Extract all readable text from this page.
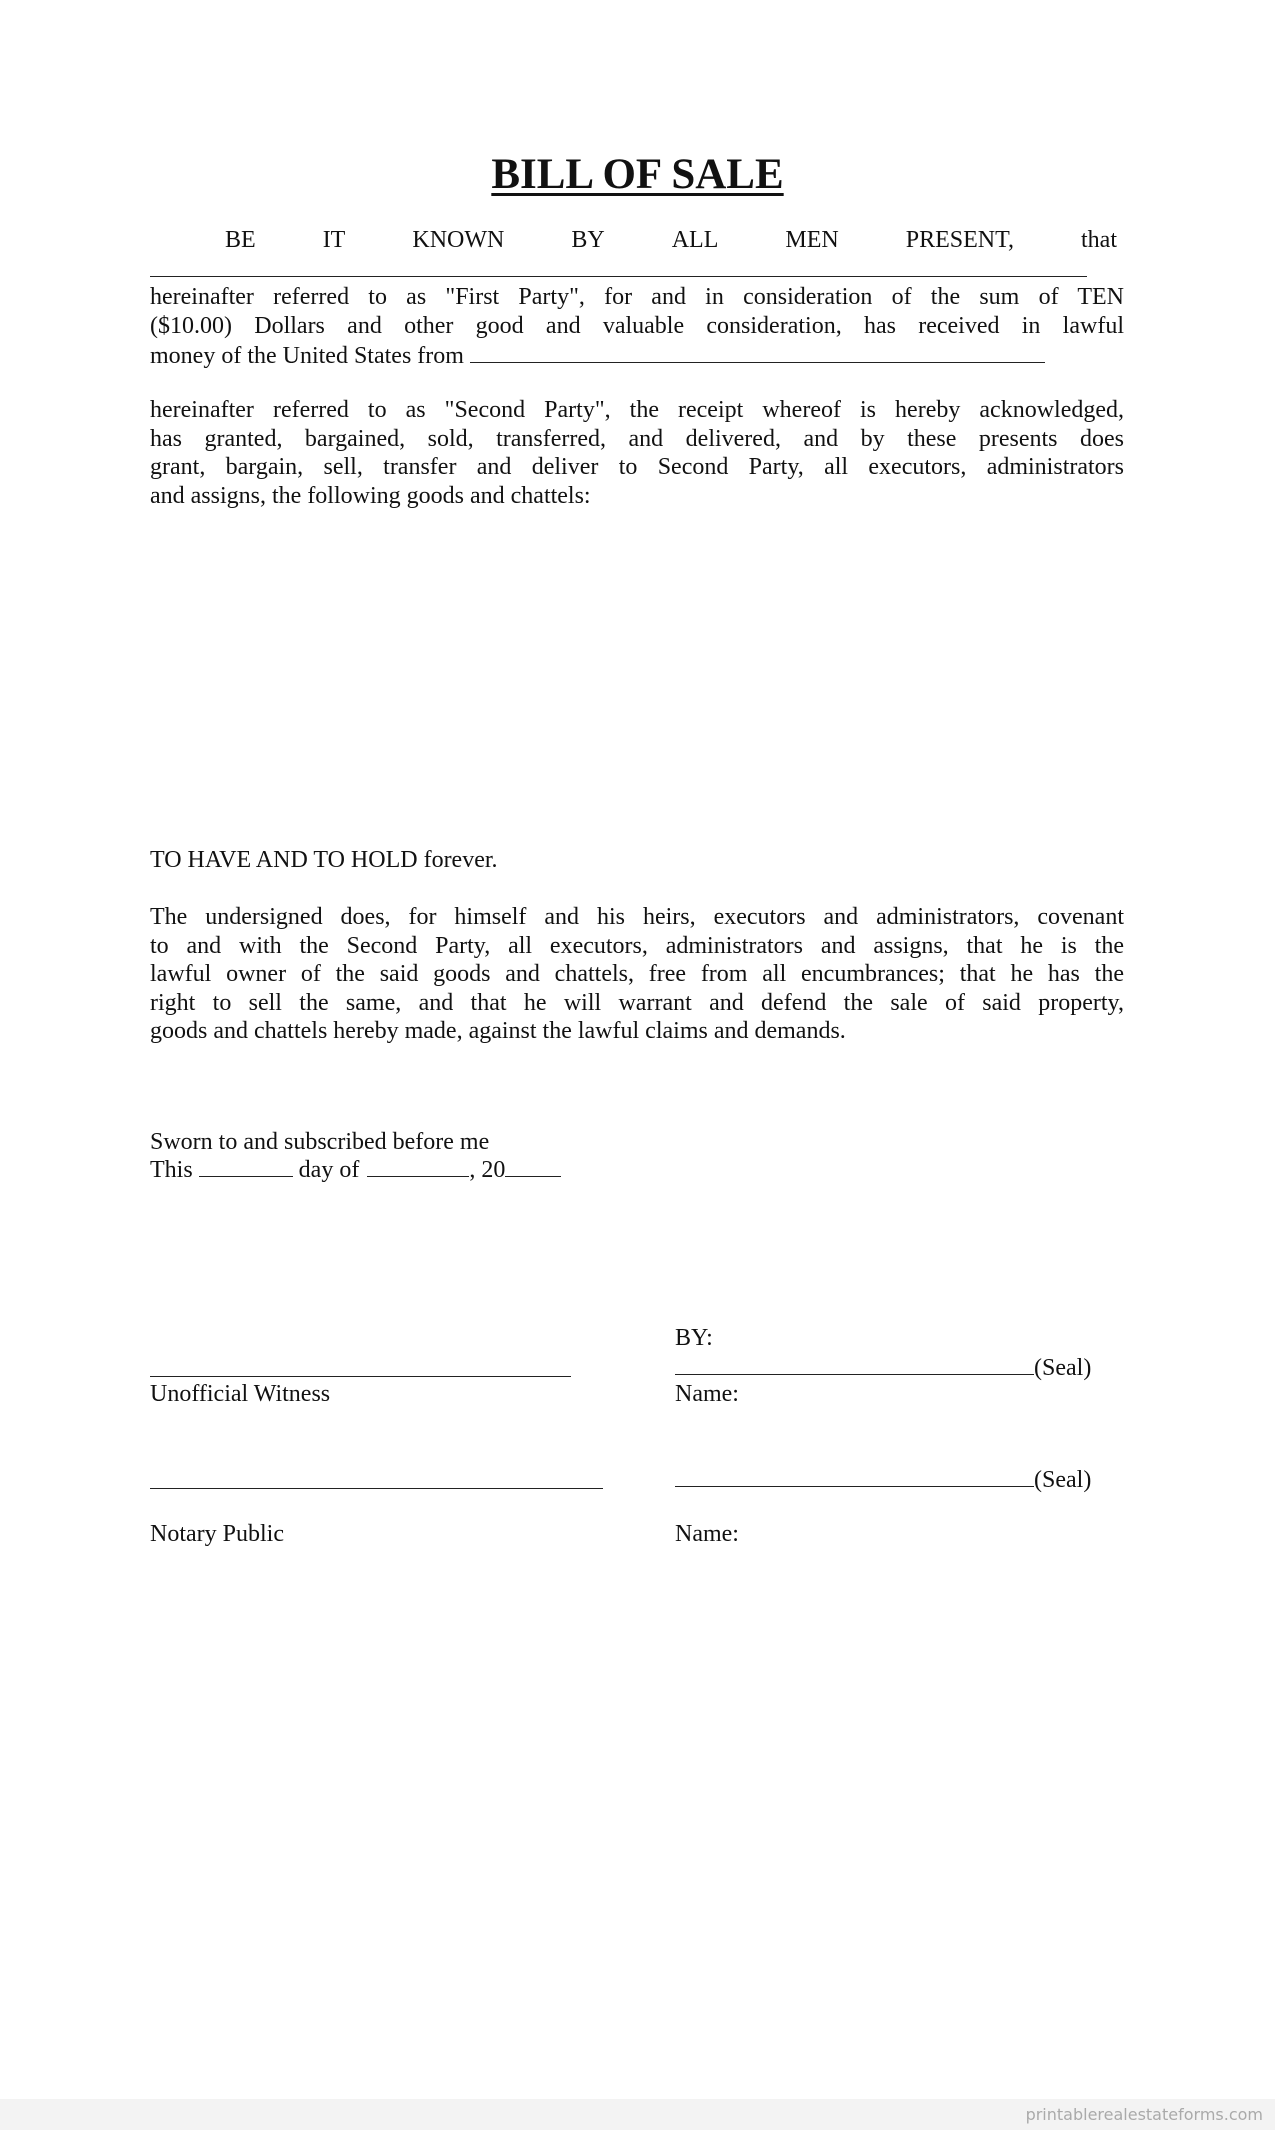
BILL OF SALE
BE	IT	KNOWN	BY	ALL	MEN	PRESENT,	that
hereinafter referred to as "First Party", for and in consideration of the sum of TEN
($10.00) Dollars and other good and valuable consideration, has received in lawful
money of the United States from
hereinafter referred to as "Second Party", the receipt whereof is hereby acknowledged,
has granted, bargained, sold, transferred, and delivered, and by these presents does
grant, bargain, sell, transfer and deliver to Second Party, all executors, administrators
and assigns, the following goods and chattels:
TO HAVE AND TO HOLD forever.
The undersigned does, for himself and his heirs, executors and administrators, covenant
to and with the Second Party, all executors, administrators and assigns, that he is the
lawful owner of the said goods and chattels, free from all encumbrances; that he has the
right to sell the same, and that he will warrant and defend the sale of said property,
goods and chattels hereby made, against the lawful claims and demands.
Sworn to and subscribed before me
This	day of	, 20
BY:
(Seal)
Unofficial Witness	Name:
(Seal)
Notary Public	Name:
printablerealestateforms.com
